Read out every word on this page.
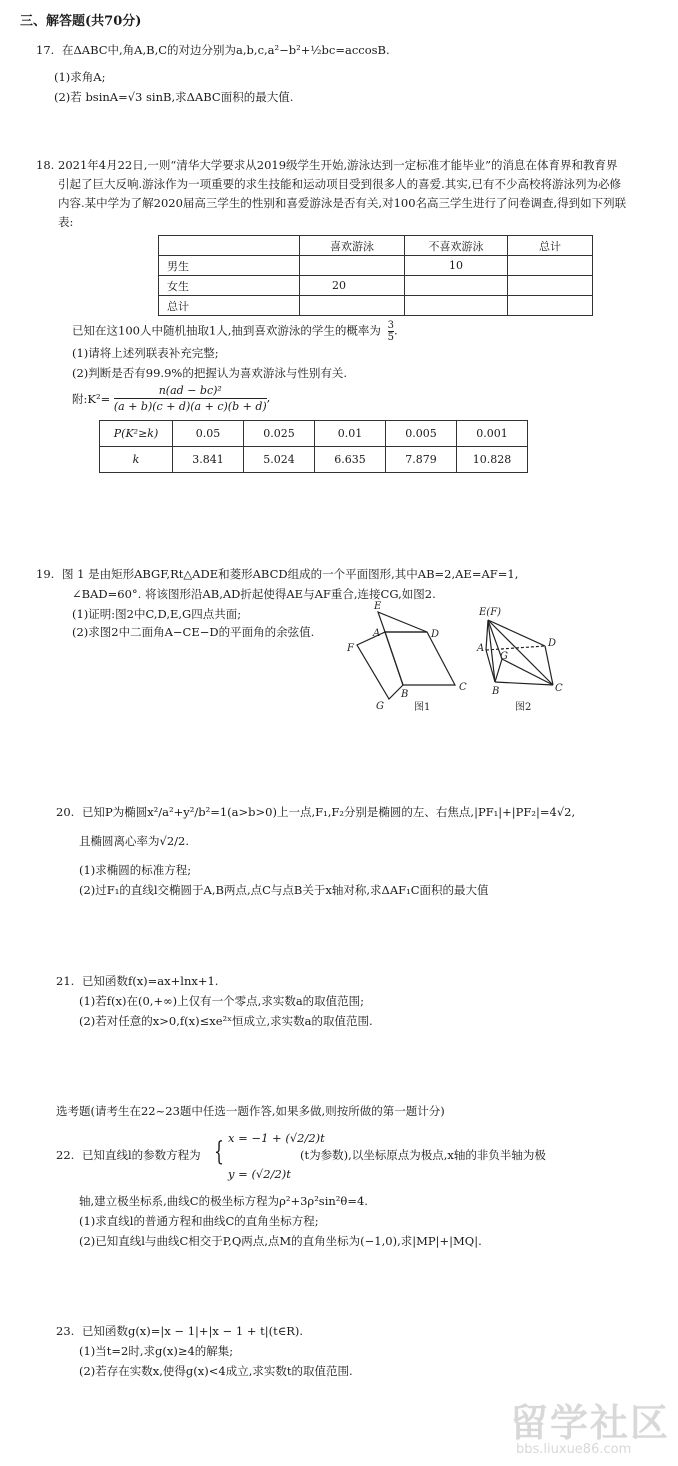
三、解答题(共70分)
17. 在ΔABC中,角A,B,C的对边分别为a,b,c,a²−b²+½bc=accosB.
(1)求角A;
(2)若 bsinA=√3 sinB,求ΔABC面积的最大值.
18. 2021年4月22日,一则“清华大学要求从2019级学生开始,游泳达到一定标准才能毕业”的消息在体育界和教育界引起了巨大反响.游泳作为一项重要的求生技能和运动项目受到很多人的喜爱.其实,已有不少高校将游泳列为必修内容.某中学为了解2020届高三学生的性别和喜爱游泳是否有关,对100名高三学生进行了问卷调查,得到如下列联表:
	喜欢游泳	不喜欢游泳	总计
男生		10	
女生	20		
总计			
已知在这100人中随机抽取1人,抽到喜欢游泳的学生的概率为 $\frac{3}{5}$ .
(1)请将上述列联表补充完整;
(2)判断是否有99.9%的把握认为喜欢游泳与性别有关.
附:K²= $\frac{\text{n(ad − bc)²}}{(a + b)(c + d)(a + c)(b + d)}$ ,
P(K²≥k)	0.05	0.025	0.01	0.005	0.001
k	3.841	5.024	6.635	7.879	10.828
19. 图 1 是由矩形ABGF,Rt△ADE和菱形ABCD组成的一个平面图形,其中AB=2,AE=AF=1,
∠BAD=60°. 将该图形沿AB,AD折起使得AE与AF重合,连接CG,如图2.
(1)证明:图2中C,D,E,G四点共面;
(2)求图2中二面角A−CE−D的平面角的余弦值.
E
A	D
F
B
C
G	图1
E(F)
A
G
D
B	C
图2
20. 已知P为椭圆x²/a²+y²/b²=1(a>b>0)上一点,F₁,F₂分别是椭圆的左、右焦点,|PF₁|+|PF₂|=4√2,
且椭圆离心率为√2/2.
(1)求椭圆的标准方程;
(2)过F₁的直线l交椭圆于A,B两点,点C与点B关于x轴对称,求ΔAF₁C面积的最大值
21. 已知函数f(x)=ax+lnx+1.
(1)若f(x)在(0,+∞)上仅有一个零点,求实数a的取值范围;
(2)若对任意的x>0,f(x)≤xe²ˣ恒成立,求实数a的取值范围.
选考题(请考生在22~23题中任选一题作答,如果多做,则按所做的第一题计分)
22. 已知直线l的参数方程为 { x = −1 + (√2/2)t
y = (√2/2)t
(t为参数),以坐标原点为极点,x轴的非负半轴为极
轴,建立极坐标系,曲线C的极坐标方程为ρ²+3ρ²sin²θ=4.
(1)求直线l的普通方程和曲线C的直角坐标方程;
(2)已知直线l与曲线C相交于P,Q两点,点M的直角坐标为(−1,0),求|MP|+|MQ|.
23. 已知函数g(x)=|x − 1|+|x − 1 + t|(t∈R).
(1)当t=2时,求g(x)≥4的解集;
(2)若存在实数x,使得g(x)<4成立,求实数t的取值范围.
留学社区
bbs.liuxue86.com
